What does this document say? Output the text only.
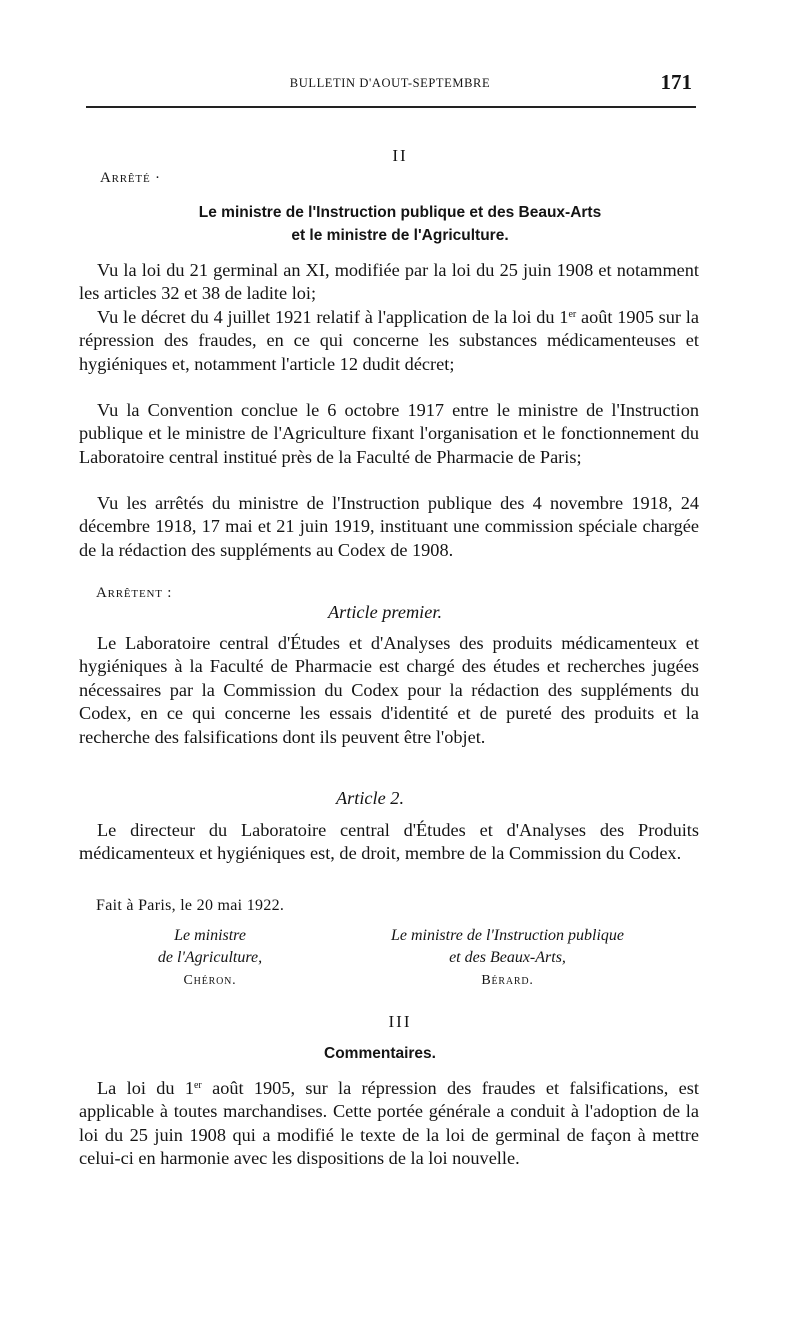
BULLETIN D'AOUT-SEPTEMBRE	171
II
Arrêté ·
Le ministre de l'Instruction publique et des Beaux-Arts
et le ministre de l'Agriculture.

Vu la loi du 21 germinal an XI, modifiée par la loi du 25 juin 1908 et notamment les articles 32 et 38 de ladite loi;

Vu le décret du 4 juillet 1921 relatif à l'application de la loi du 1er août 1905 sur la répression des fraudes, en ce qui concerne les substances médicamenteuses et hygiéniques et, notamment l'article 12 dudit décret;

Vu la Convention conclue le 6 octobre 1917 entre le ministre de l'Instruction publique et le ministre de l'Agriculture fixant l'organisation et le fonctionnement du Laboratoire central institué près de la Faculté de Pharmacie de Paris;

Vu les arrêtés du ministre de l'Instruction publique des 4 novembre 1918, 24 décembre 1918, 17 mai et 21 juin 1919, instituant une commission spéciale chargée de la rédaction des suppléments au Codex de 1908.

Arrêtent :
Article premier.

Le Laboratoire central d'Études et d'Analyses des produits médicamenteux et hygiéniques à la Faculté de Pharmacie est chargé des études et recherches jugées nécessaires par la Commission du Codex pour la rédaction des suppléments du Codex, en ce qui concerne les essais d'identité et de pureté des produits et la recherche des falsifications dont ils peuvent être l'objet.

Article 2.

Le directeur du Laboratoire central d'Études et d'Analyses des Produits médicamenteux et hygiéniques est, de droit, membre de la Commission du Codex.

Fait à Paris, le 20 mai 1922.
Le ministre
de l'Agriculture,
Chéron.
Le ministre de l'Instruction publique
et des Beaux-Arts,
Bérard.
III
Commentaires.

La loi du 1er août 1905, sur la répression des fraudes et falsifications, est applicable à toutes marchandises. Cette portée générale a conduit à l'adoption de la loi du 25 juin 1908 qui a modifié le texte de la loi de germinal de façon à mettre celui-ci en harmonie avec les dispositions de la loi nouvelle.
